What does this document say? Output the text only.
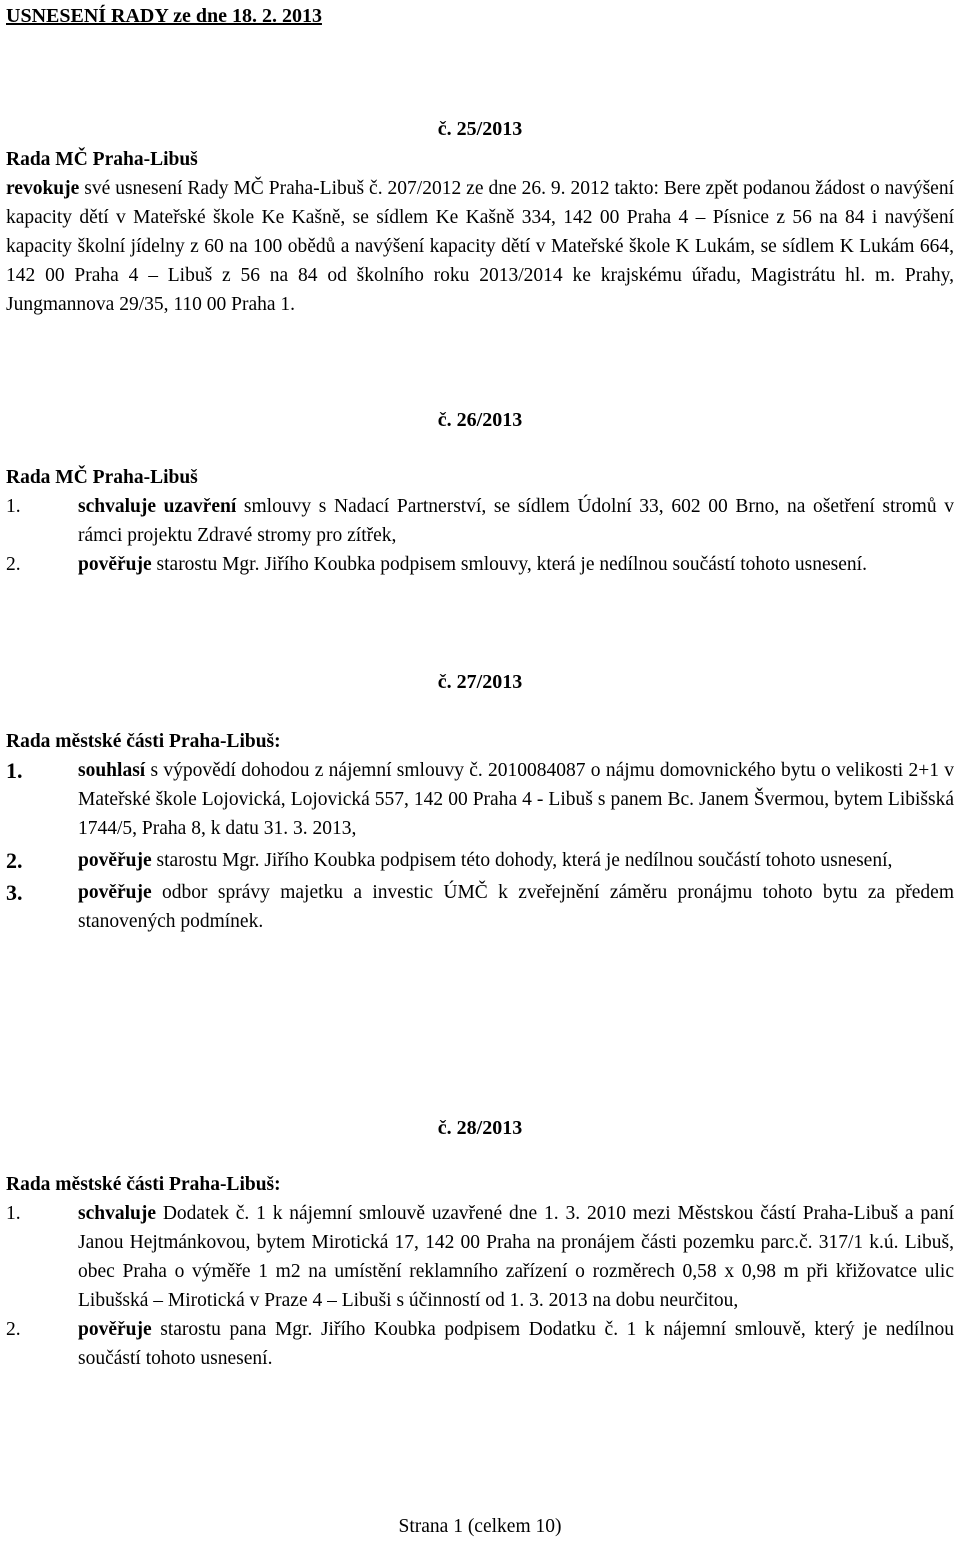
USNESENÍ RADY ze dne 18. 2. 2013
č. 25/2013
Rada MČ Praha-Libuš
revokuje své usnesení Rady MČ Praha-Libuš č. 207/2012 ze dne 26. 9. 2012 takto: Bere zpět podanou žádost o navýšení kapacity dětí v Mateřské škole Ke Kašně, se sídlem Ke Kašně 334, 142 00 Praha 4 – Písnice z 56 na 84 i navýšení kapacity školní jídelny z 60 na 100 obědů a navýšení kapacity dětí v Mateřské škole K Lukám, se sídlem K Lukám 664, 142 00 Praha 4 – Libuš z 56 na 84 od školního roku 2013/2014 ke krajskému úřadu, Magistrátu hl. m. Prahy, Jungmannova 29/35, 110 00 Praha 1.
č. 26/2013
Rada MČ Praha-Libuš
1.	schvaluje uzavření smlouvy s Nadací Partnerství, se sídlem Údolní 33, 602 00 Brno, na ošetření stromů v rámci projektu Zdravé stromy pro zítřek,
2.	pověřuje starostu Mgr. Jiřího Koubka podpisem smlouvy, která je nedílnou součástí tohoto usnesení.
č. 27/2013
Rada městské části Praha-Libuš:
1.	souhlasí s výpovědí dohodou z nájemní smlouvy č. 2010084087 o nájmu domovnického bytu o velikosti 2+1 v Mateřské škole Lojovická, Lojovická 557, 142 00 Praha 4 - Libuš s panem Bc. Janem Švermou, bytem Libišská 1744/5, Praha 8, k datu 31. 3. 2013,
2.	pověřuje starostu Mgr. Jiřího Koubka podpisem této dohody, která je nedílnou součástí tohoto usnesení,
3.	pověřuje odbor správy majetku a investic ÚMČ k zveřejnění záměru pronájmu tohoto bytu za předem stanovených podmínek.
č. 28/2013
Rada městské části Praha-Libuš:
1.	schvaluje Dodatek č. 1 k nájemní smlouvě uzavřené dne 1. 3. 2010 mezi Městskou částí Praha-Libuš a paní Janou Hejtmánkovou, bytem Mirotická 17, 142 00 Praha na pronájem části pozemku parc.č. 317/1 k.ú. Libuš, obec Praha o výměře 1 m2 na umístění reklamního zařízení o rozměrech 0,58 x 0,98 m při křižovatce ulic Libušská – Mirotická v Praze 4 – Libuši s účinností od 1. 3. 2013 na dobu neurčitou,
2.	pověřuje starostu pana Mgr. Jiřího Koubka podpisem Dodatku č. 1 k nájemní smlouvě, který je nedílnou součástí tohoto usnesení.
Strana 1 (celkem 10)
